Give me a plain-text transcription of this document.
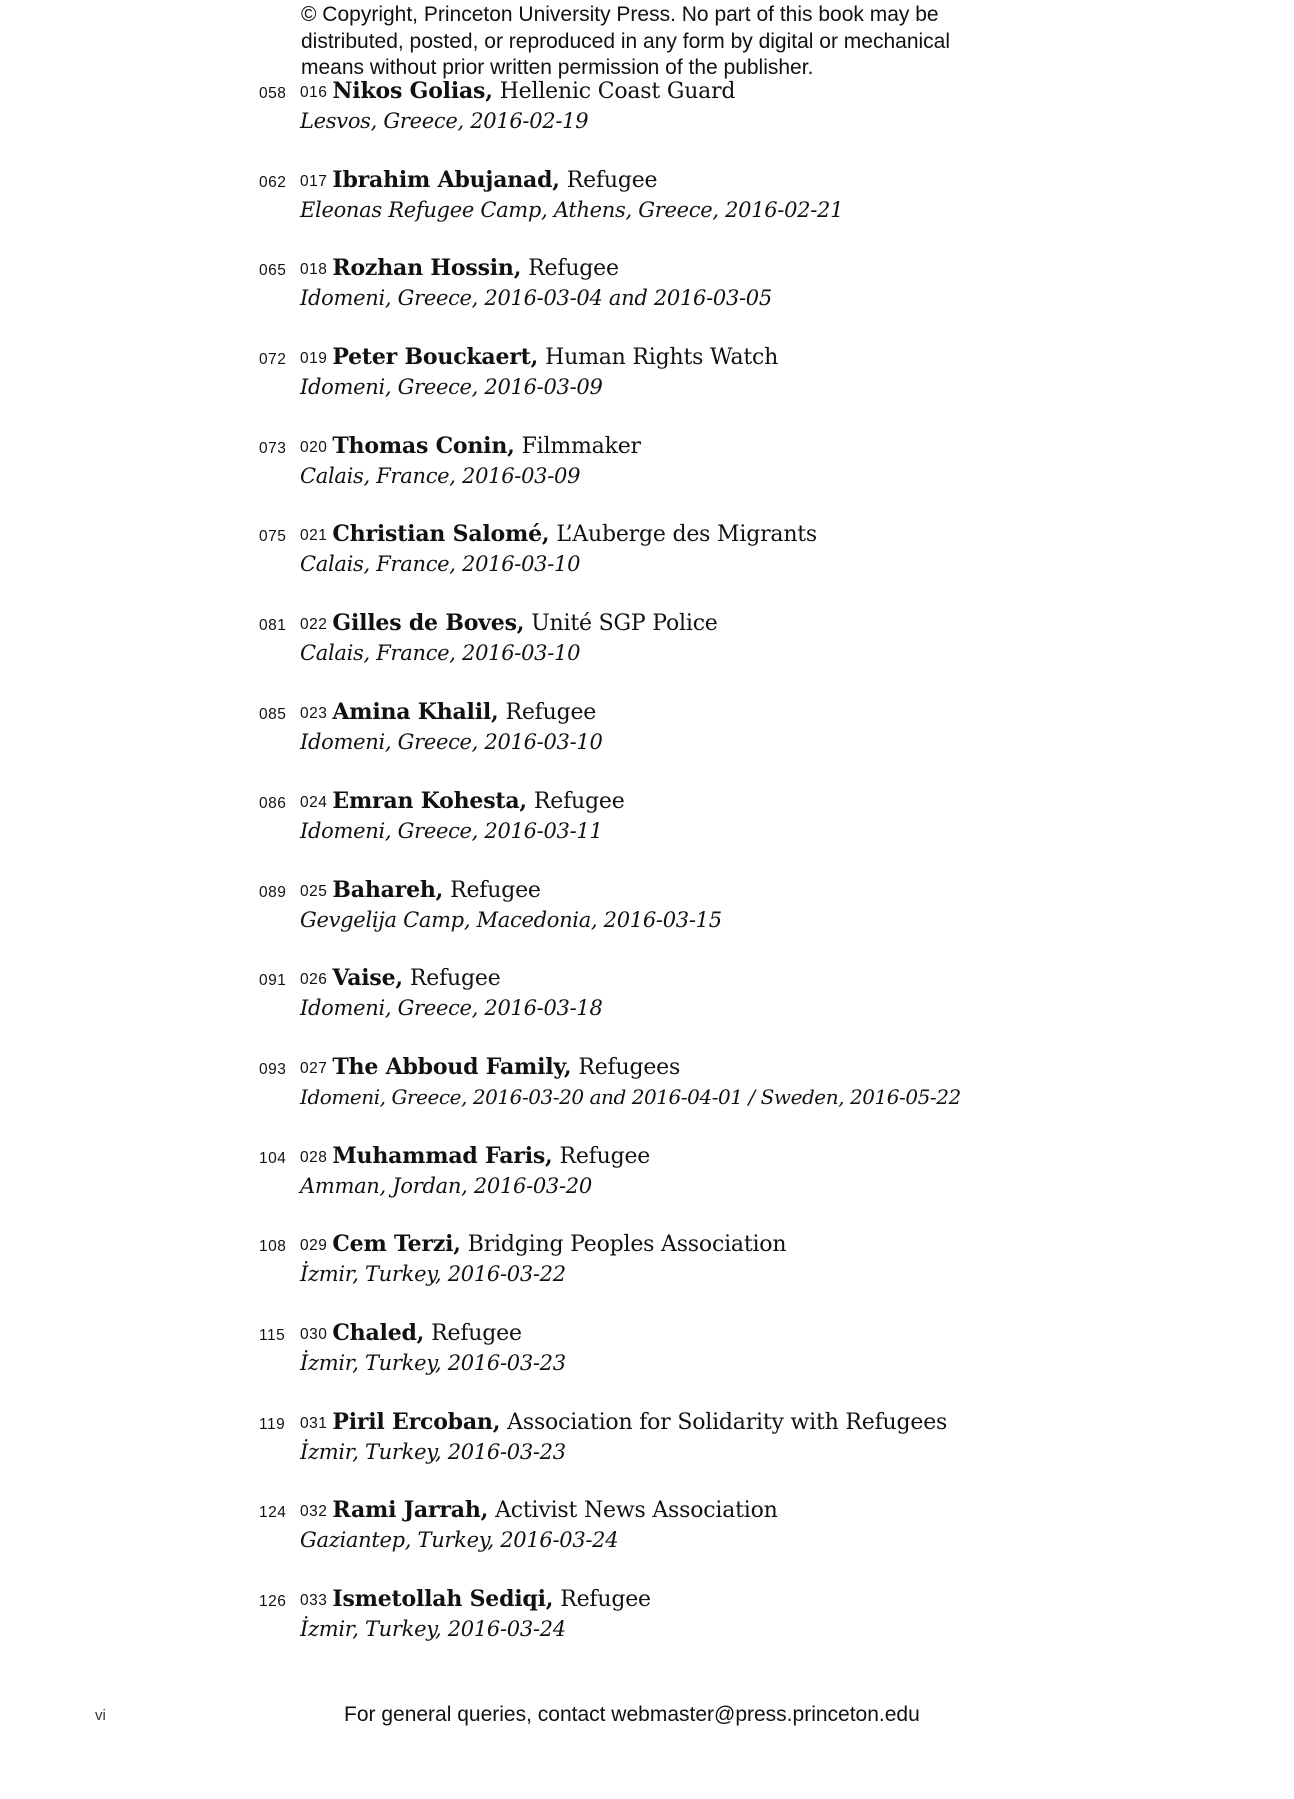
© Copyright, Princeton University Press. No part of this book may be
distributed, posted, or reproduced in any form by digital or mechanical
means without prior written permission of the publisher.
058 016 Nikos Golias, Hellenic Coast Guard
Lesvos, Greece, 2016-02-19
062 017 Ibrahim Abujanad, Refugee
Eleonas Refugee Camp, Athens, Greece, 2016-02-21
065 018 Rozhan Hossin, Refugee
Idomeni, Greece, 2016-03-04 and 2016-03-05
072 019 Peter Bouckaert, Human Rights Watch
Idomeni, Greece, 2016-03-09
073 020 Thomas Conin, Filmmaker
Calais, France, 2016-03-09
075 021 Christian Salomé, L’Auberge des Migrants
Calais, France, 2016-03-10
081 022 Gilles de Boves, Unité SGP Police
Calais, France, 2016-03-10
085 023 Amina Khalil, Refugee
Idomeni, Greece, 2016-03-10
086 024 Emran Kohesta, Refugee
Idomeni, Greece, 2016-03-11
089 025 Bahareh, Refugee
Gevgelija Camp, Macedonia, 2016-03-15
091 026 Vaise, Refugee
Idomeni, Greece, 2016-03-18
093 027 The Abboud Family, Refugees
Idomeni, Greece, 2016-03-20 and 2016-04-01 / Sweden, 2016-05-22
104 028 Muhammad Faris, Refugee
Amman, Jordan, 2016-03-20
108 029 Cem Terzi, Bridging Peoples Association
İzmir, Turkey, 2016-03-22
115 030 Chaled, Refugee
İzmir, Turkey, 2016-03-23
119 031 Piril Ercoban, Association for Solidarity with Refugees
İzmir, Turkey, 2016-03-23
124 032 Rami Jarrah, Activist News Association
Gaziantep, Turkey, 2016-03-24
126 033 Ismetollah Sediqi, Refugee
İzmir, Turkey, 2016-03-24
vi	For general queries, contact webmaster@press.princeton.edu
